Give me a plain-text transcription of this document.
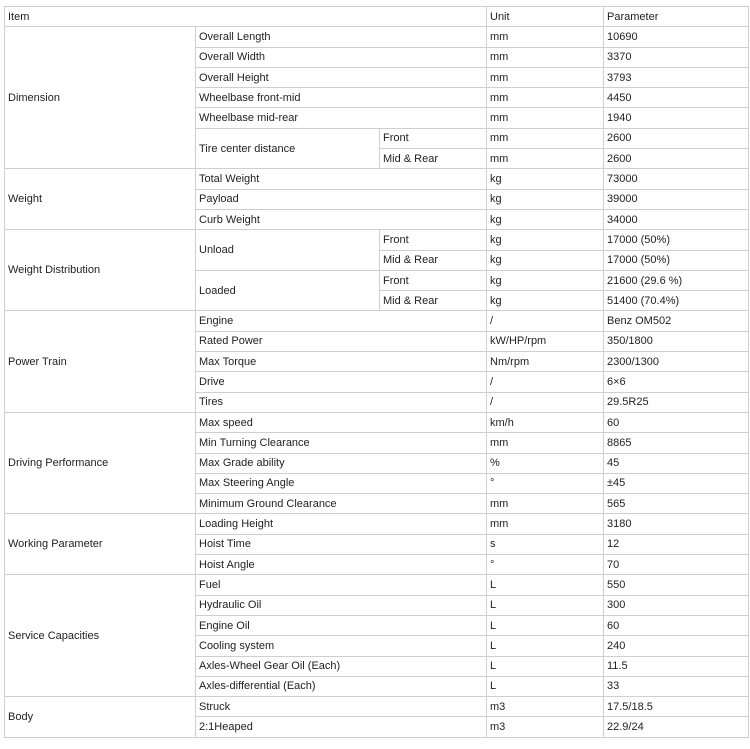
Item			Unit	Parameter
Dimension	Overall Length		mm	10690
	Overall Width		mm	3370
	Overall Height		mm	3793
	Wheelbase front-mid		mm	4450
	Wheelbase mid-rear		mm	1940
	Tire center distance	Front	mm	2600
		Mid & Rear	mm	2600
Weight	Total Weight		kg	73000
	Payload		kg	39000
	Curb Weight		kg	34000
Weight Distribution	Unload	Front	kg	17000 (50%)
		Mid & Rear	kg	17000 (50%)
	Loaded	Front	kg	21600 (29.6 %)
		Mid & Rear	kg	51400 (70.4%)
Power Train	Engine		/	Benz OM502
	Rated Power		kW/HP/rpm	350/1800
	Max Torque		Nm/rpm	2300/1300
	Drive		/	6×6
	Tires		/	29.5R25
Driving Performance	Max speed		km/h	60
	Min Turning Clearance		mm	8865
	Max Grade ability		%	45
	Max Steering Angle		°	±45
	Minimum Ground Clearance		mm	565
Working Parameter	Loading Height		mm	3180
	Hoist Time		s	12
	Hoist Angle		°	70
Service Capacities	Fuel		L	550
	Hydraulic Oil		L	300
	Engine Oil		L	60
	Cooling system		L	240
	Axles-Wheel Gear Oil (Each)		L	11.5
	Axles-differential (Each)		L	33
Body	Struck		m3	17.5/18.5
	2:1Heaped		m3	22.9/24
